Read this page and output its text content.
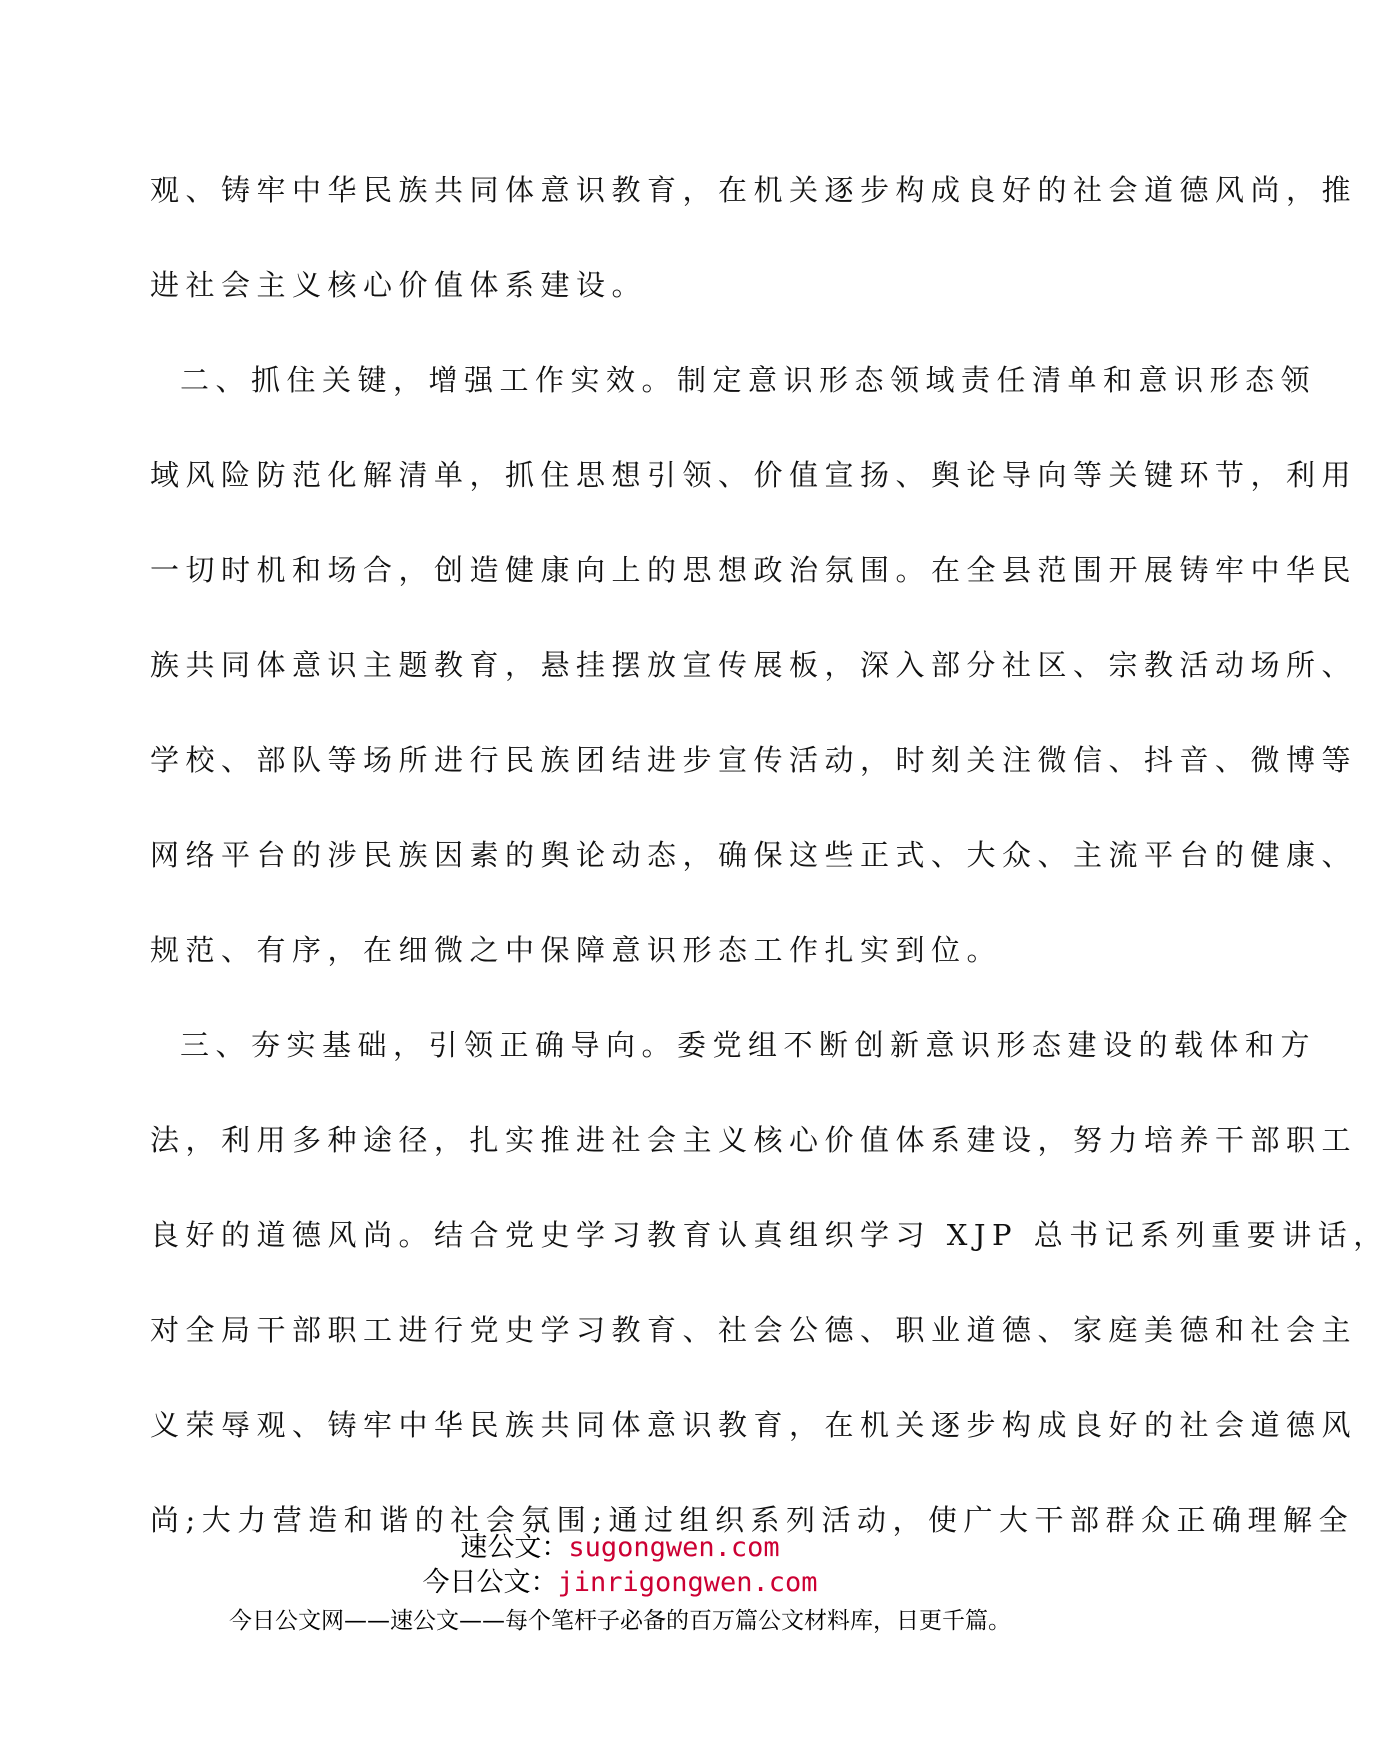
观、铸牢中华民族共同体意识教育，在机关逐步构成良好的社会道德风尚，推
进社会主义核心价值体系建设。
二、抓住关键，增强工作实效。制定意识形态领域责任清单和意识形态领
域风险防范化解清单，抓住思想引领、价值宣扬、舆论导向等关键环节，利用
一切时机和场合，创造健康向上的思想政治氛围。在全县范围开展铸牢中华民
族共同体意识主题教育，悬挂摆放宣传展板，深入部分社区、宗教活动场所、
学校、部队等场所进行民族团结进步宣传活动，时刻关注微信、抖音、微博等
网络平台的涉民族因素的舆论动态，确保这些正式、大众、主流平台的健康、
规范、有序，在细微之中保障意识形态工作扎实到位。
三、夯实基础，引领正确导向。委党组不断创新意识形态建设的载体和方
法，利用多种途径，扎实推进社会主义核心价值体系建设，努力培养干部职工
良好的道德风尚。结合党史学习教育认真组织学习 XJP 总书记系列重要讲话，
对全局干部职工进行党史学习教育、社会公德、职业道德、家庭美德和社会主
义荣辱观、铸牢中华民族共同体意识教育，在机关逐步构成良好的社会道德风
尚;大力营造和谐的社会氛围;通过组织系列活动，使广大干部群众正确理解全
速公文：sugongwen.com
今日公文：jinrigongwen.com
今日公文网——速公文——每个笔杆子必备的百万篇公文材料库，日更千篇。
